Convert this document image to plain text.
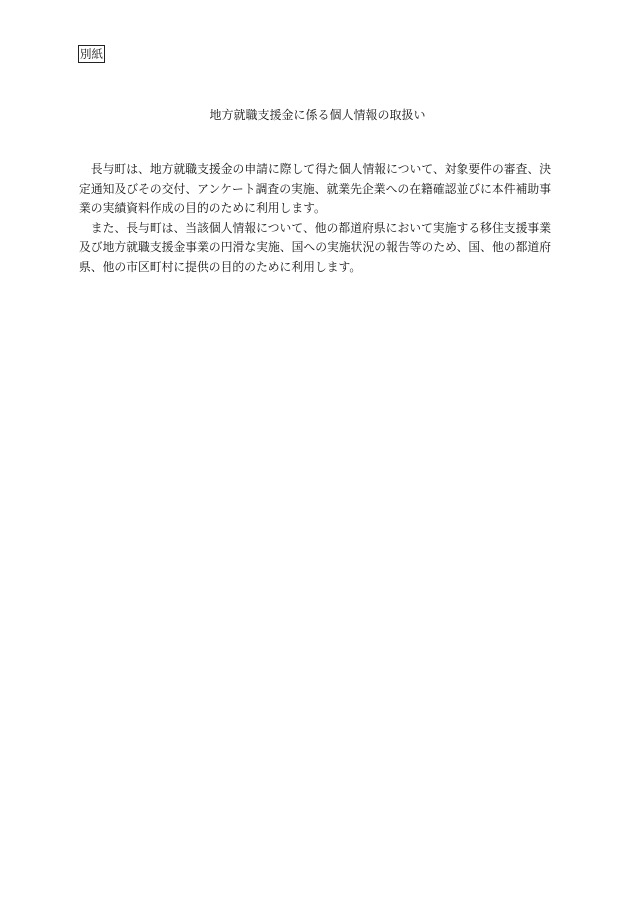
別紙
地方就職支援金に係る個人情報の取扱い

長与町は、地方就職支援金の申請に際して得た個人情報について、対象要件の審査、決定通知及びその交付、アンケート調査の実施、就業先企業への在籍確認並びに本件補助事業の実績資料作成の目的のために利用します。

また、長与町は、当該個人情報について、他の都道府県において実施する移住支援事業及び地方就職支援金事業の円滑な実施、国への実施状況の報告等のため、国、他の都道府県、他の市区町村に提供の目的のために利用します。
